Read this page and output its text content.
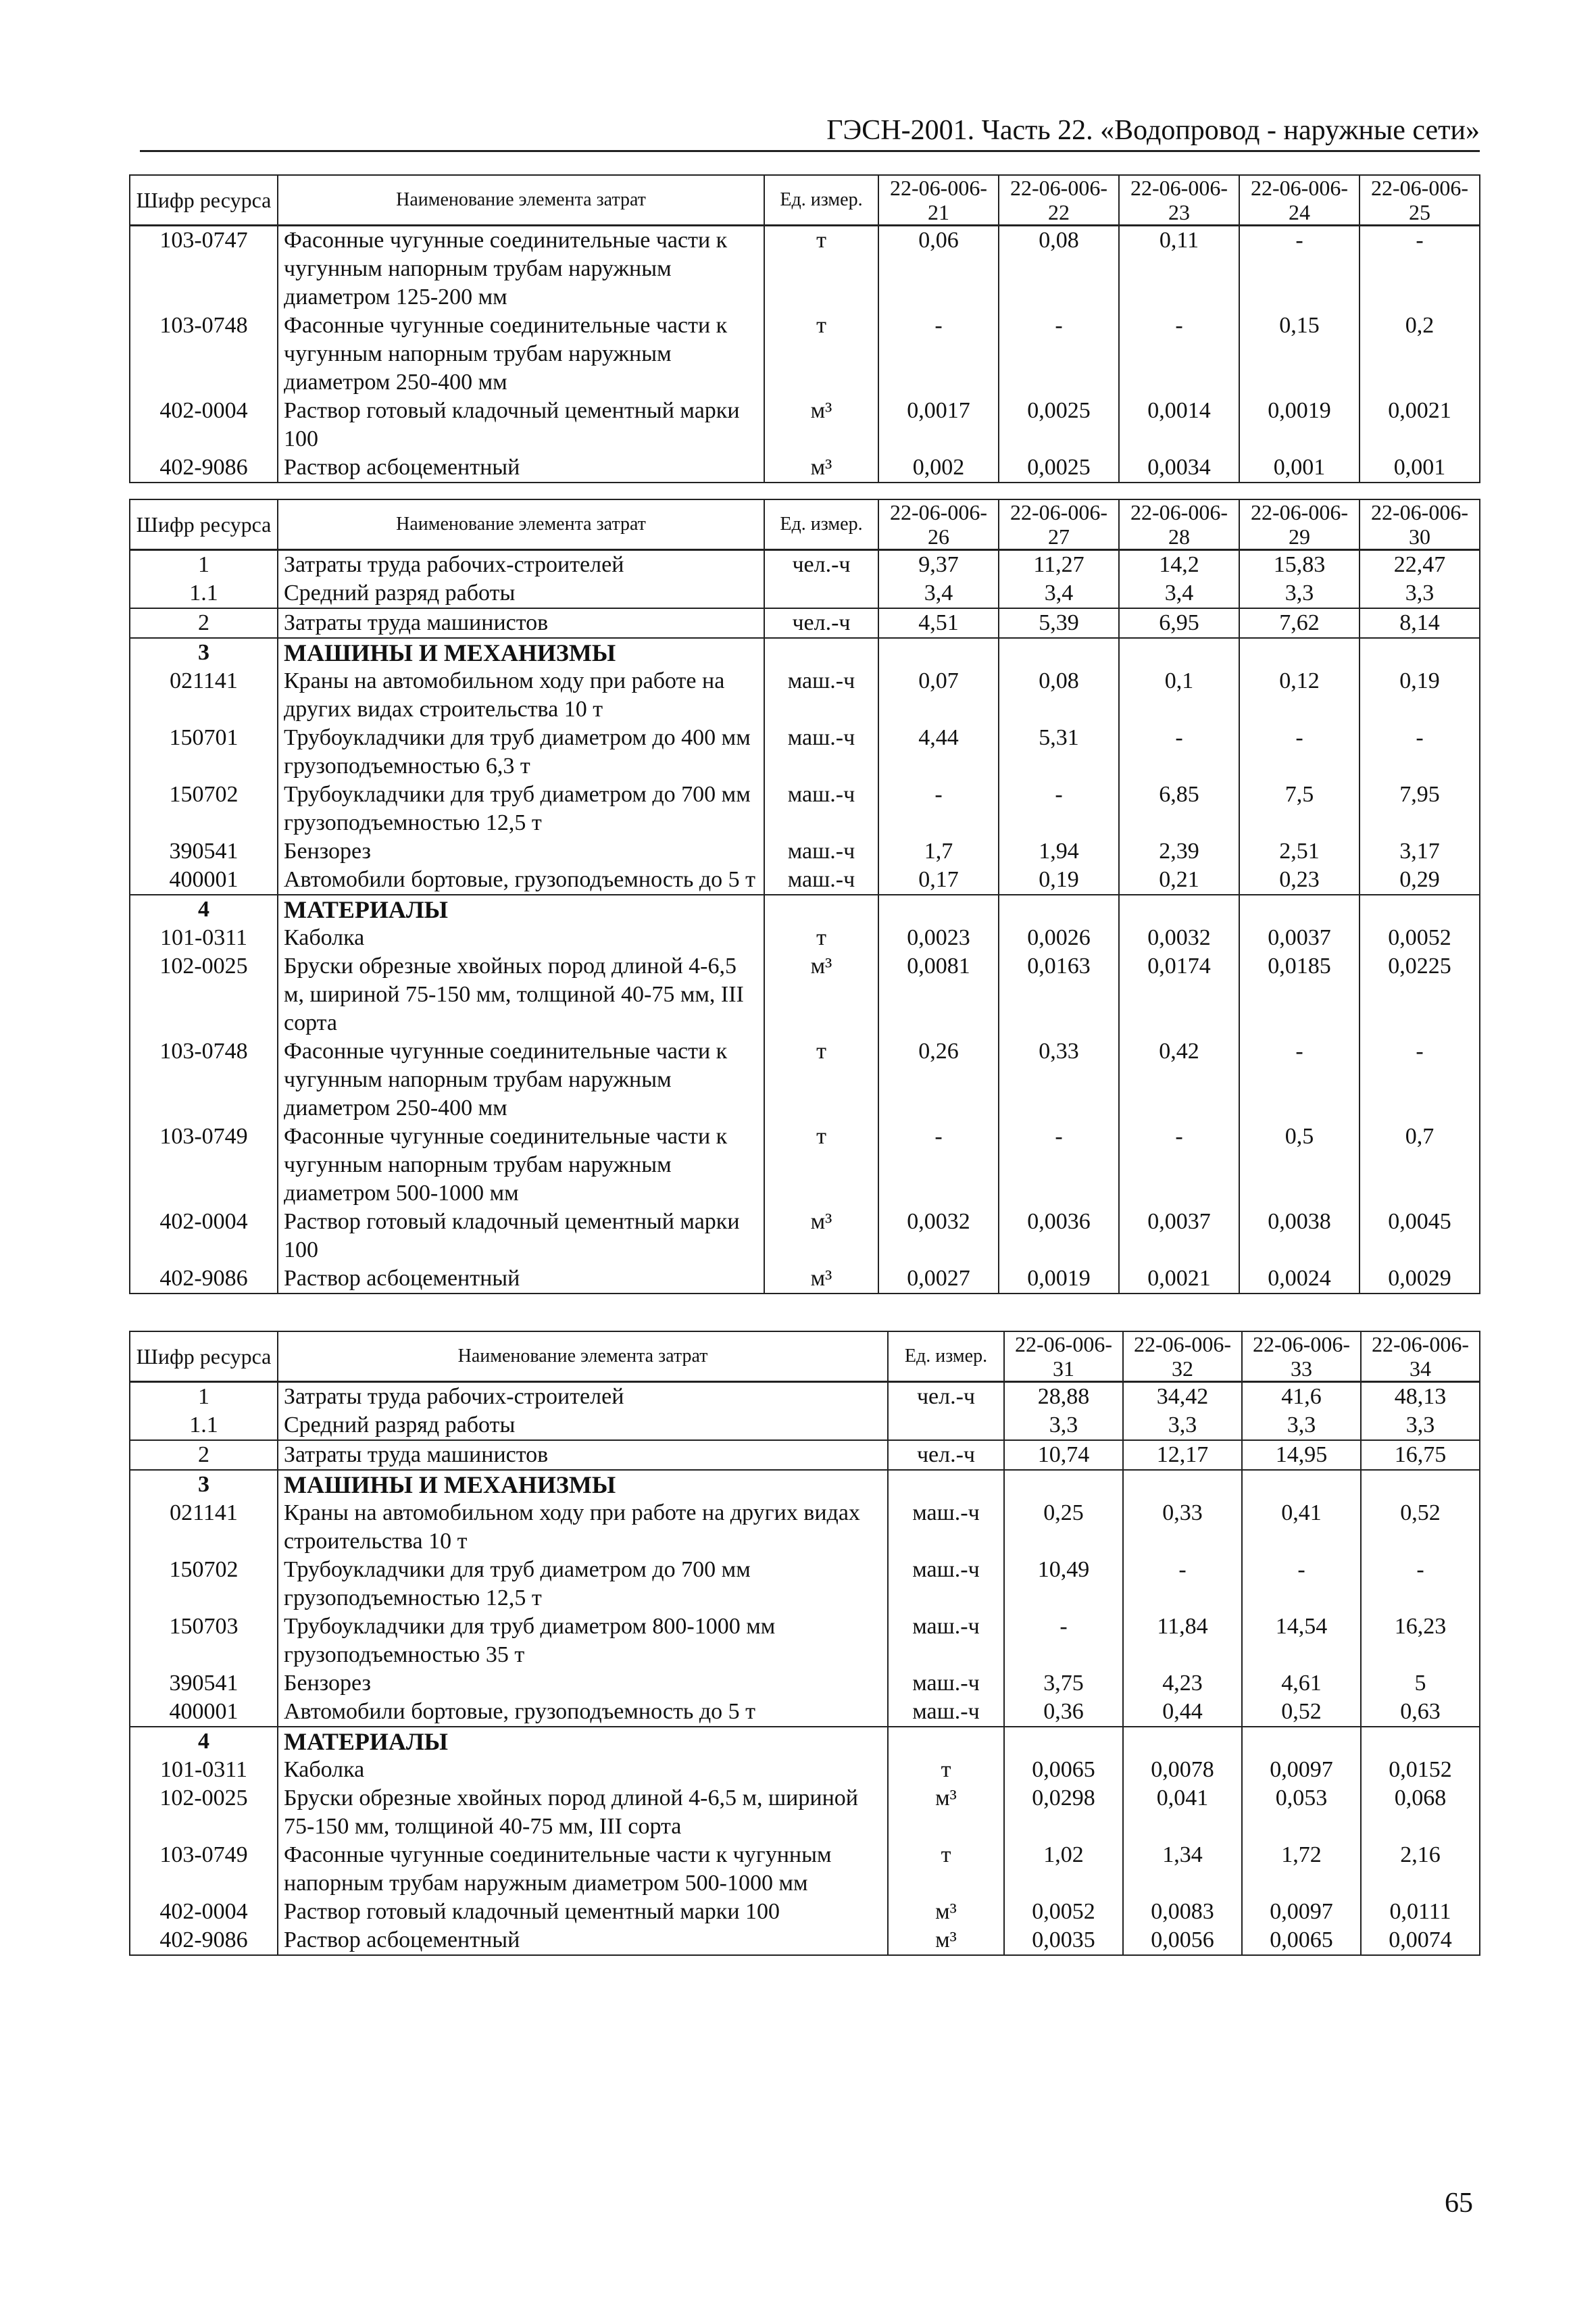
ГЭСН-2001. Часть 22. «Водопровод - наружные сети»
Шифр ресурса	Наименование элемента затрат	Ед. измер.	22-06-006-21	22-06-006-22	22-06-006-23	22-06-006-24	22-06-006-25
103-0747	Фасонные чугунные соединительные части к чугунным напорным трубам наружным диаметром 125-200 мм	т	0,06	0,08	0,11	-	-
103-0748	Фасонные чугунные соединительные части к чугунным напорным трубам наружным диаметром 250-400 мм	т	-	-	-	0,15	0,2
402-0004	Раствор готовый кладочный цементный марки 100	м³	0,0017	0,0025	0,0014	0,0019	0,0021
402-9086	Раствор асбоцементный	м³	0,002	0,0025	0,0034	0,001	0,001
Шифр ресурса	Наименование элемента затрат	Ед. измер.	22-06-006-26	22-06-006-27	22-06-006-28	22-06-006-29	22-06-006-30
1	Затраты труда рабочих-строителей	чел.-ч	9,37	11,27	14,2	15,83	22,47
1.1	Средний разряд работы		3,4	3,4	3,4	3,3	3,3
2	Затраты труда машинистов	чел.-ч	4,51	5,39	6,95	7,62	8,14
3	МАШИНЫ И МЕХАНИЗМЫ						
021141	Краны на автомобильном ходу при работе на других видах строительства 10 т	маш.-ч	0,07	0,08	0,1	0,12	0,19
150701	Трубоукладчики для труб диаметром до 400 мм грузоподъемностью 6,3 т	маш.-ч	4,44	5,31	-	-	-
150702	Трубоукладчики для труб диаметром до 700 мм грузоподъемностью 12,5 т	маш.-ч	-	-	6,85	7,5	7,95
390541	Бензорез	маш.-ч	1,7	1,94	2,39	2,51	3,17
400001	Автомобили бортовые, грузоподъемность до 5 т	маш.-ч	0,17	0,19	0,21	0,23	0,29
4	МАТЕРИАЛЫ						
101-0311	Каболка	т	0,0023	0,0026	0,0032	0,0037	0,0052
102-0025	Бруски обрезные хвойных пород длиной 4-6,5 м, шириной 75-150 мм, толщиной 40-75 мм, III сорта	м³	0,0081	0,0163	0,0174	0,0185	0,0225
103-0748	Фасонные чугунные соединительные части к чугунным напорным трубам наружным диаметром 250-400 мм	т	0,26	0,33	0,42	-	-
103-0749	Фасонные чугунные соединительные части к чугунным напорным трубам наружным диаметром 500-1000 мм	т	-	-	-	0,5	0,7
402-0004	Раствор готовый кладочный цементный марки 100	м³	0,0032	0,0036	0,0037	0,0038	0,0045
402-9086	Раствор асбоцементный	м³	0,0027	0,0019	0,0021	0,0024	0,0029
Шифр ресурса	Наименование элемента затрат	Ед. измер.	22-06-006-31	22-06-006-32	22-06-006-33	22-06-006-34
1	Затраты труда рабочих-строителей	чел.-ч	28,88	34,42	41,6	48,13
1.1	Средний разряд работы		3,3	3,3	3,3	3,3
2	Затраты труда машинистов	чел.-ч	10,74	12,17	14,95	16,75
3	МАШИНЫ И МЕХАНИЗМЫ					
021141	Краны на автомобильном ходу при работе на других видах строительства 10 т	маш.-ч	0,25	0,33	0,41	0,52
150702	Трубоукладчики для труб диаметром до 700 мм грузоподъемностью 12,5 т	маш.-ч	10,49	-	-	-
150703	Трубоукладчики для труб диаметром 800-1000 мм грузоподъемностью 35 т	маш.-ч	-	11,84	14,54	16,23
390541	Бензорез	маш.-ч	3,75	4,23	4,61	5
400001	Автомобили бортовые, грузоподъемность до 5 т	маш.-ч	0,36	0,44	0,52	0,63
4	МАТЕРИАЛЫ					
101-0311	Каболка	т	0,0065	0,0078	0,0097	0,0152
102-0025	Бруски обрезные хвойных пород длиной 4-6,5 м, шириной 75-150 мм, толщиной 40-75 мм, III сорта	м³	0,0298	0,041	0,053	0,068
103-0749	Фасонные чугунные соединительные части к чугунным напорным трубам наружным диаметром 500-1000 мм	т	1,02	1,34	1,72	2,16
402-0004	Раствор готовый кладочный цементный марки 100	м³	0,0052	0,0083	0,0097	0,0111
402-9086	Раствор асбоцементный	м³	0,0035	0,0056	0,0065	0,0074
65
